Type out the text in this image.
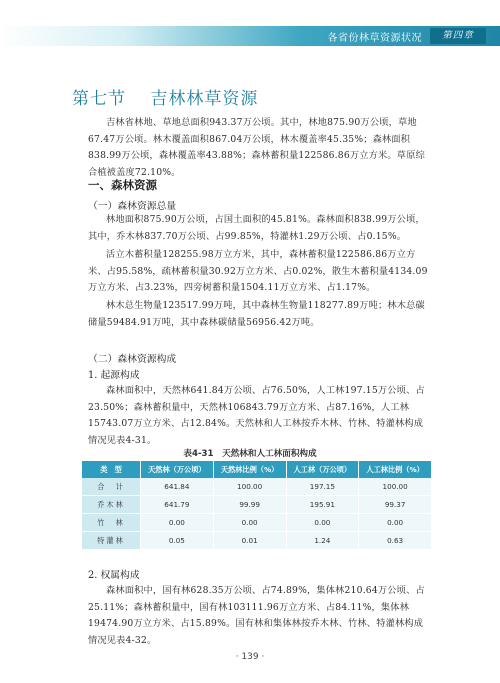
各省份林草资源状况	第四章
第七节 吉林林草资源

吉林省林地、草地总面积943.37万公顷。其中，林地875.90万公顷，草地67.47万公顷。林木覆盖面积867.04万公顷，林木覆盖率45.35%；森林面积838.99万公顷，森林覆盖率43.88%；森林蓄积量122586.86万立方米。草原综合植被盖度72.10%。

一、森林资源
（一）森林资源总量

林地面积875.90万公顷，占国土面积的45.81%。森林面积838.99万公顷，其中，乔木林837.70万公顷、占99.85%，特灌林1.29万公顷、占0.15%。

活立木蓄积量128255.98万立方米，其中，森林蓄积量122586.86万立方米、占95.58%，疏林蓄积量30.92万立方米、占0.02%，散生木蓄积量4134.09万立方米、占3.23%，四旁树蓄积量1504.11万立方米、占1.17%。

林木总生物量123517.99万吨，其中森林生物量118277.89万吨；林木总碳储量59484.91万吨，其中森林碳储量56956.42万吨。

（二）森林资源构成
1. 起源构成

森林面积中，天然林641.84万公顷、占76.50%，人工林197.15万公顷、占23.50%；森林蓄积量中，天然林106843.79万立方米、占87.16%，人工林15743.07万立方米、占12.84%。天然林和人工林按乔木林、竹林、特灌林构成情况见表4-31。

表4-31　天然林和人工林面积构成
类　型	天然林（万公顷）	天然林比例（%）	人工林（万公顷）	人工林比例（%）
合　计	641.84	100.00	197.15	100.00
乔木林	641.79	99.99	195.91	99.37
竹　林	0.00	0.00	0.00	0.00
特灌林	0.05	0.01	1.24	0.63
2. 权属构成

森林面积中，国有林628.35万公顷、占74.89%，集体林210.64万公顷、占25.11%；森林蓄积量中，国有林103111.96万立方米、占84.11%，集体林19474.90万立方米、占15.89%。国有林和集体林按乔木林、竹林、特灌林构成情况见表4-32。

· 139 ·
